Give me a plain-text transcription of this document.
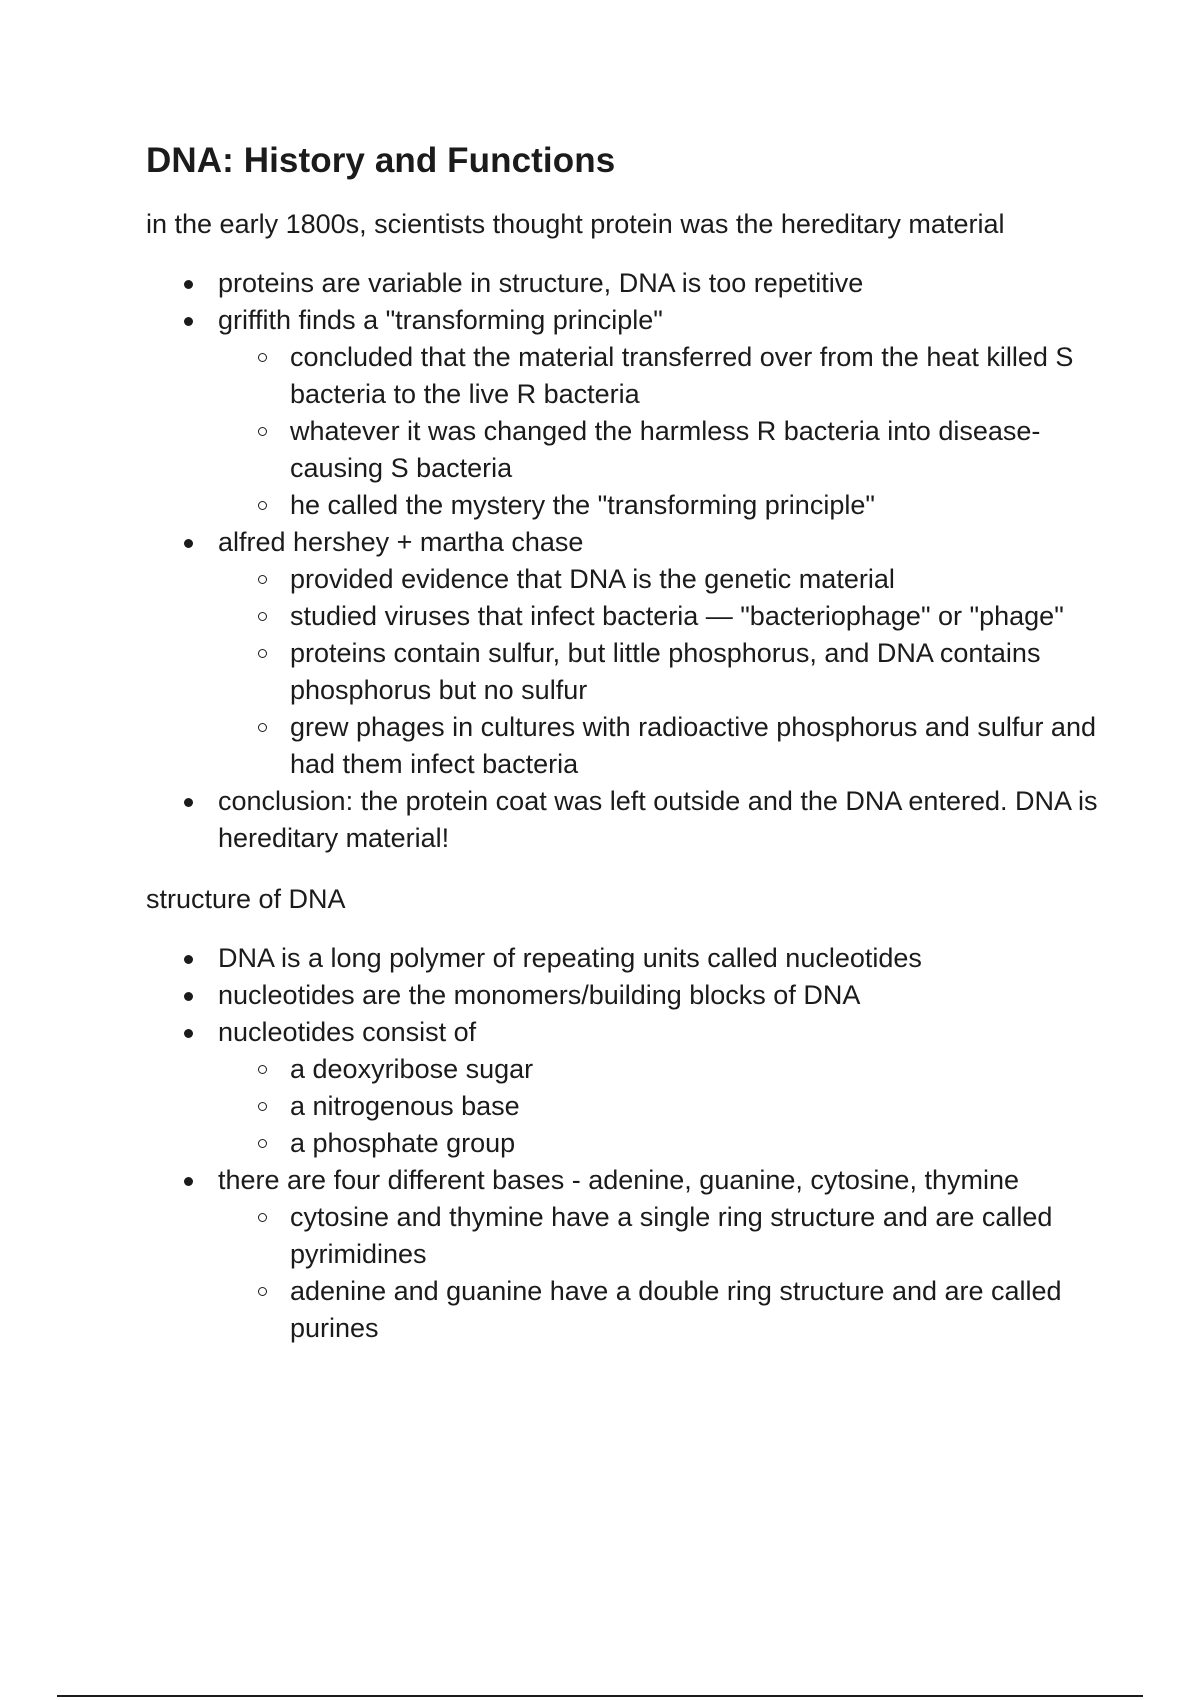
DNA: History and Functions

in the early 1800s, scientists thought protein was the hereditary material

proteins are variable in structure, DNA is too repetitive
griffith finds a "transforming principle"
concluded that the material transferred over from the heat killed S bacteria to the live R bacteria
whatever it was changed the harmless R bacteria into disease-causing S bacteria
he called the mystery the "transforming principle"
alfred hershey + martha chase
provided evidence that DNA is the genetic material
studied viruses that infect bacteria — "bacteriophage" or "phage"
proteins contain sulfur, but little phosphorus, and DNA contains phosphorus but no sulfur
grew phages in cultures with radioactive phosphorus and sulfur and had them infect bacteria
conclusion: the protein coat was left outside and the DNA entered. DNA is hereditary material!

structure of DNA

DNA is a long polymer of repeating units called nucleotides
nucleotides are the monomers/building blocks of DNA
nucleotides consist of
a deoxyribose sugar
a nitrogenous base
a phosphate group
there are four different bases - adenine, guanine, cytosine, thymine
cytosine and thymine have a single ring structure and are called pyrimidines
adenine and guanine have a double ring structure and are called purines
